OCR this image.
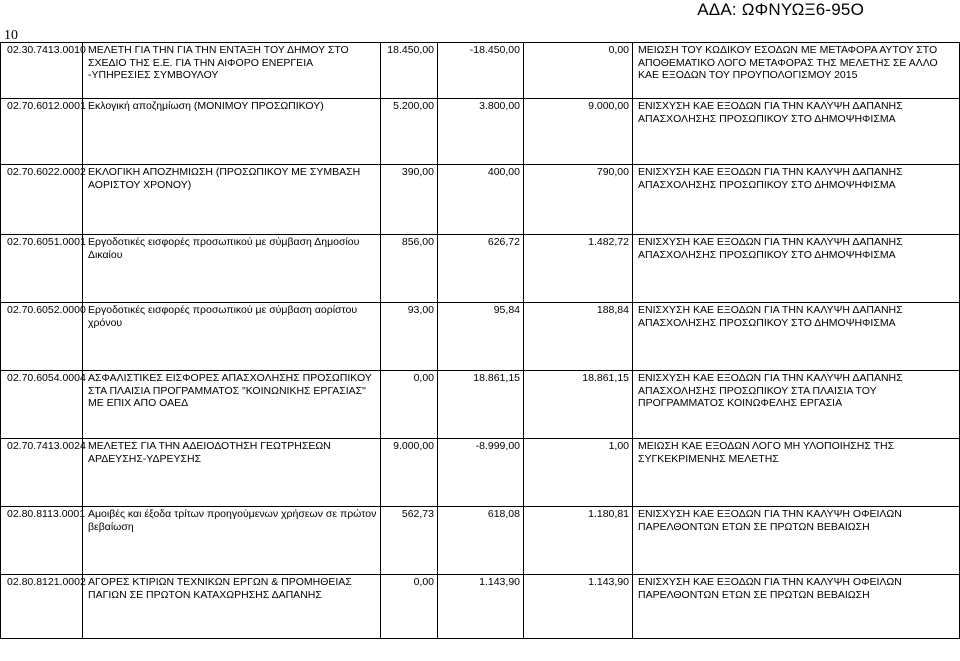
ΑΔΑ: ΩΦΝΥΩΞ6-95Ο
10
02.30.7413.0010	ΜΕΛΕΤΗ ΓΙΑ ΤΗΝ ΓΙΑ ΤΗΝ ΕΝΤΑΞΗ ΤΟΥ ΔΗΜΟΥ ΣΤΟ ΣΧΕΔΙΟ ΤΗΣ Ε.Ε. ΓΙΑ ΤΗΝ ΑΙΦΟΡΟ ΕΝΕΡΓΕΙΑ -ΥΠΗΡΕΣΙΕΣ ΣΥΜΒΟΥΛΟΥ	18.450,00	-18.450,00	0,00	ΜΕΙΩΣΗ ΤΟΥ ΚΩΔΙΚΟΥ ΕΣΟΔΩΝ ΜΕ ΜΕΤΑΦΟΡΑ ΑΥΤΟΥ ΣΤΟ ΑΠΟΘΕΜΑΤΙΚΟ ΛΟΓΟ ΜΕΤΑΦΟΡΑΣ ΤΗΣ ΜΕΛΕΤΗΣ ΣΕ ΑΛΛΟ ΚΑΕ ΕΞΟΔΩΝ ΤΟΥ ΠΡΟΥΠΟΛΟΓΙΣΜΟΥ 2015
02.70.6012.0001	Εκλογική αποζημίωση (ΜΟΝΙΜΟΥ ΠΡΟΣΩΠΙΚΟΥ)	5.200,00	3.800,00	9.000,00	ΕΝΙΣΧΥΣΗ ΚΑΕ ΕΞΟΔΩΝ ΓΙΑ ΤΗΝ ΚΑΛΥΨΗ ΔΑΠΑΝΗΣ ΑΠΑΣΧΟΛΗΣΗΣ ΠΡΟΣΩΠΙΚΟΥ ΣΤΟ ΔΗΜΟΨΗΦΙΣΜΑ
02.70.6022.0002	ΕΚΛΟΓΙΚΗ ΑΠΟΖΗΜΙΩΣΗ (ΠΡΟΣΩΠΙΚΟΥ ΜΕ ΣΥΜΒΑΣΗ ΑΟΡΙΣΤΟΥ ΧΡΟΝΟΥ)	390,00	400,00	790,00	ΕΝΙΣΧΥΣΗ ΚΑΕ ΕΞΟΔΩΝ ΓΙΑ ΤΗΝ ΚΑΛΥΨΗ ΔΑΠΑΝΗΣ ΑΠΑΣΧΟΛΗΣΗΣ ΠΡΟΣΩΠΙΚΟΥ ΣΤΟ ΔΗΜΟΨΗΦΙΣΜΑ
02.70.6051.0001	Εργοδοτικές εισφορές προσωπικού με σύμβαση Δημοσίου Δικαίου	856,00	626,72	1.482,72	ΕΝΙΣΧΥΣΗ ΚΑΕ ΕΞΟΔΩΝ ΓΙΑ ΤΗΝ ΚΑΛΥΨΗ ΔΑΠΑΝΗΣ ΑΠΑΣΧΟΛΗΣΗΣ ΠΡΟΣΩΠΙΚΟΥ ΣΤΟ ΔΗΜΟΨΗΦΙΣΜΑ
02.70.6052.0000	Εργοδοτικές εισφορές προσωπικού με σύμβαση αορίστου χρόνου	93,00	95,84	188,84	ΕΝΙΣΧΥΣΗ ΚΑΕ ΕΞΟΔΩΝ ΓΙΑ ΤΗΝ ΚΑΛΥΨΗ ΔΑΠΑΝΗΣ ΑΠΑΣΧΟΛΗΣΗΣ ΠΡΟΣΩΠΙΚΟΥ ΣΤΟ ΔΗΜΟΨΗΦΙΣΜΑ
02.70.6054.0004	ΑΣΦΑΛΙΣΤΙΚΕΣ ΕΙΣΦΟΡΕΣ ΑΠΑΣΧΟΛΗΣΗΣ ΠΡΟΣΩΠΙΚΟΥ ΣΤΑ ΠΛΑΙΣΙΑ ΠΡΟΓΡΑΜΜΑΤΟΣ "ΚΟΙΝΩΝΙΚΗΣ ΕΡΓΑΣΙΑΣ" ΜΕ ΕΠΙΧ ΑΠΟ ΟΑΕΔ	0,00	18.861,15	18.861,15	ΕΝΙΣΧΥΣΗ ΚΑΕ ΕΞΟΔΩΝ ΓΙΑ ΤΗΝ ΚΑΛΥΨΗ ΔΑΠΑΝΗΣ ΑΠΑΣΧΟΛΗΣΗΣ ΠΡΟΣΩΠΙΚΟΥ ΣΤΑ ΠΛΑΙΣΙΑ ΤΟΥ ΠΡΟΓΡΑΜΜΑΤΟΣ ΚΟΙΝΩΦΕΛΗΣ ΕΡΓΑΣΙΑ
02.70.7413.0024	ΜΕΛΕΤΕΣ ΓΙΑ ΤΗΝ ΑΔΕΙΟΔΟΤΗΣΗ ΓΕΩΤΡΗΣΕΩΝ ΑΡΔΕΥΣΗΣ-ΥΔΡΕΥΣΗΣ	9.000,00	-8.999,00	1,00	ΜΕΙΩΣΗ ΚΑΕ ΕΞΟΔΩΝ ΛΟΓΟ ΜΗ ΥΛΟΠΟΙΗΣΗΣ ΤΗΣ ΣΥΓΚΕΚΡΙΜΕΝΗΣ ΜΕΛΕΤΗΣ
02.80.8113.0001	Αμοιβές και έξοδα τρίτων προηγούμενων χρήσεων σε πρώτον βεβαίωση	562,73	618,08	1.180,81	ΕΝΙΣΧΥΣΗ ΚΑΕ ΕΞΟΔΩΝ ΓΙΑ ΤΗΝ ΚΑΛΥΨΗ ΟΦΕΙΛΩΝ ΠΑΡΕΛΘΟΝΤΩΝ ΕΤΩΝ ΣΕ ΠΡΩΤΩΝ ΒΕΒΑΙΩΣΗ
02.80.8121.0002	ΑΓΟΡΕΣ ΚΤΙΡΙΩΝ ΤΕΧΝΙΚΩΝ ΕΡΓΩΝ & ΠΡΟΜΗΘΕΙΑΣ ΠΑΓΙΩΝ ΣΕ ΠΡΩΤΟΝ ΚΑΤΑΧΩΡΗΣΗΣ ΔΑΠΑΝΗΣ	0,00	1.143,90	1.143,90	ΕΝΙΣΧΥΣΗ ΚΑΕ ΕΞΟΔΩΝ ΓΙΑ ΤΗΝ ΚΑΛΥΨΗ ΟΦΕΙΛΩΝ ΠΑΡΕΛΘΟΝΤΩΝ ΕΤΩΝ ΣΕ ΠΡΩΤΩΝ ΒΕΒΑΙΩΣΗ
